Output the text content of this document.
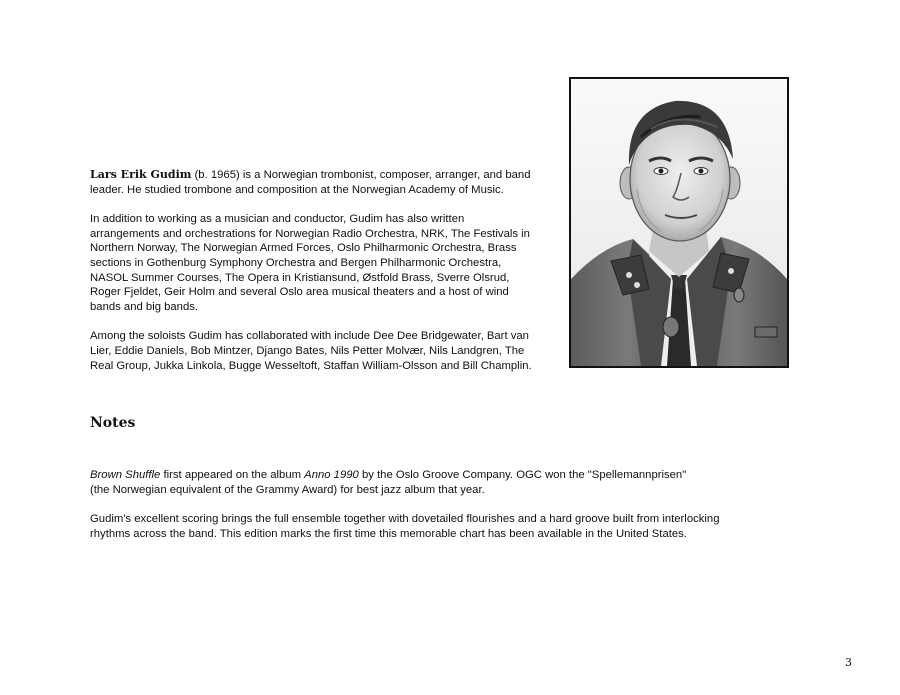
Lars Erik Gudim (b. 1965) is a Norwegian trombonist, composer, arranger, and band leader. He studied trombone and composition at the Norwegian Academy of Music.

In addition to working as a musician and conductor, Gudim has also written arrangements and orchestrations for Norwegian Radio Orchestra, NRK, The Festivals in Northern Norway, The Norwegian Armed Forces, Oslo Philharmonic Orchestra, Brass sections in Gothenburg Symphony Orchestra and Bergen Philharmonic Orchestra, NASOL Summer Courses, The Opera in Kristiansund, Østfold Brass, Sverre Olsrud, Roger Fjeldet, Geir Holm and several Oslo area musical theaters and a host of wind bands and big bands.

Among the soloists Gudim has collaborated with include Dee Dee Bridgewater, Bart van Lier, Eddie Daniels, Bob Mintzer, Django Bates, Nils Petter Molvær, Nils Landgren, The Real Group, Jukka Linkola, Bugge Wesseltoft, Staffan William-Olsson and Bill Champlin.

Notes

Brown Shuffle first appeared on the album Anno 1990 by the Oslo Groove Company. OGC won the "Spellemannprisen"
(the Norwegian equivalent of the Grammy Award) for best jazz album that year.

Gudim's excellent scoring brings the full ensemble together with dovetailed flourishes and a hard groove built from interlocking
rhythms across the band. This edition marks the first time this memorable chart has been available in the United States.

3
